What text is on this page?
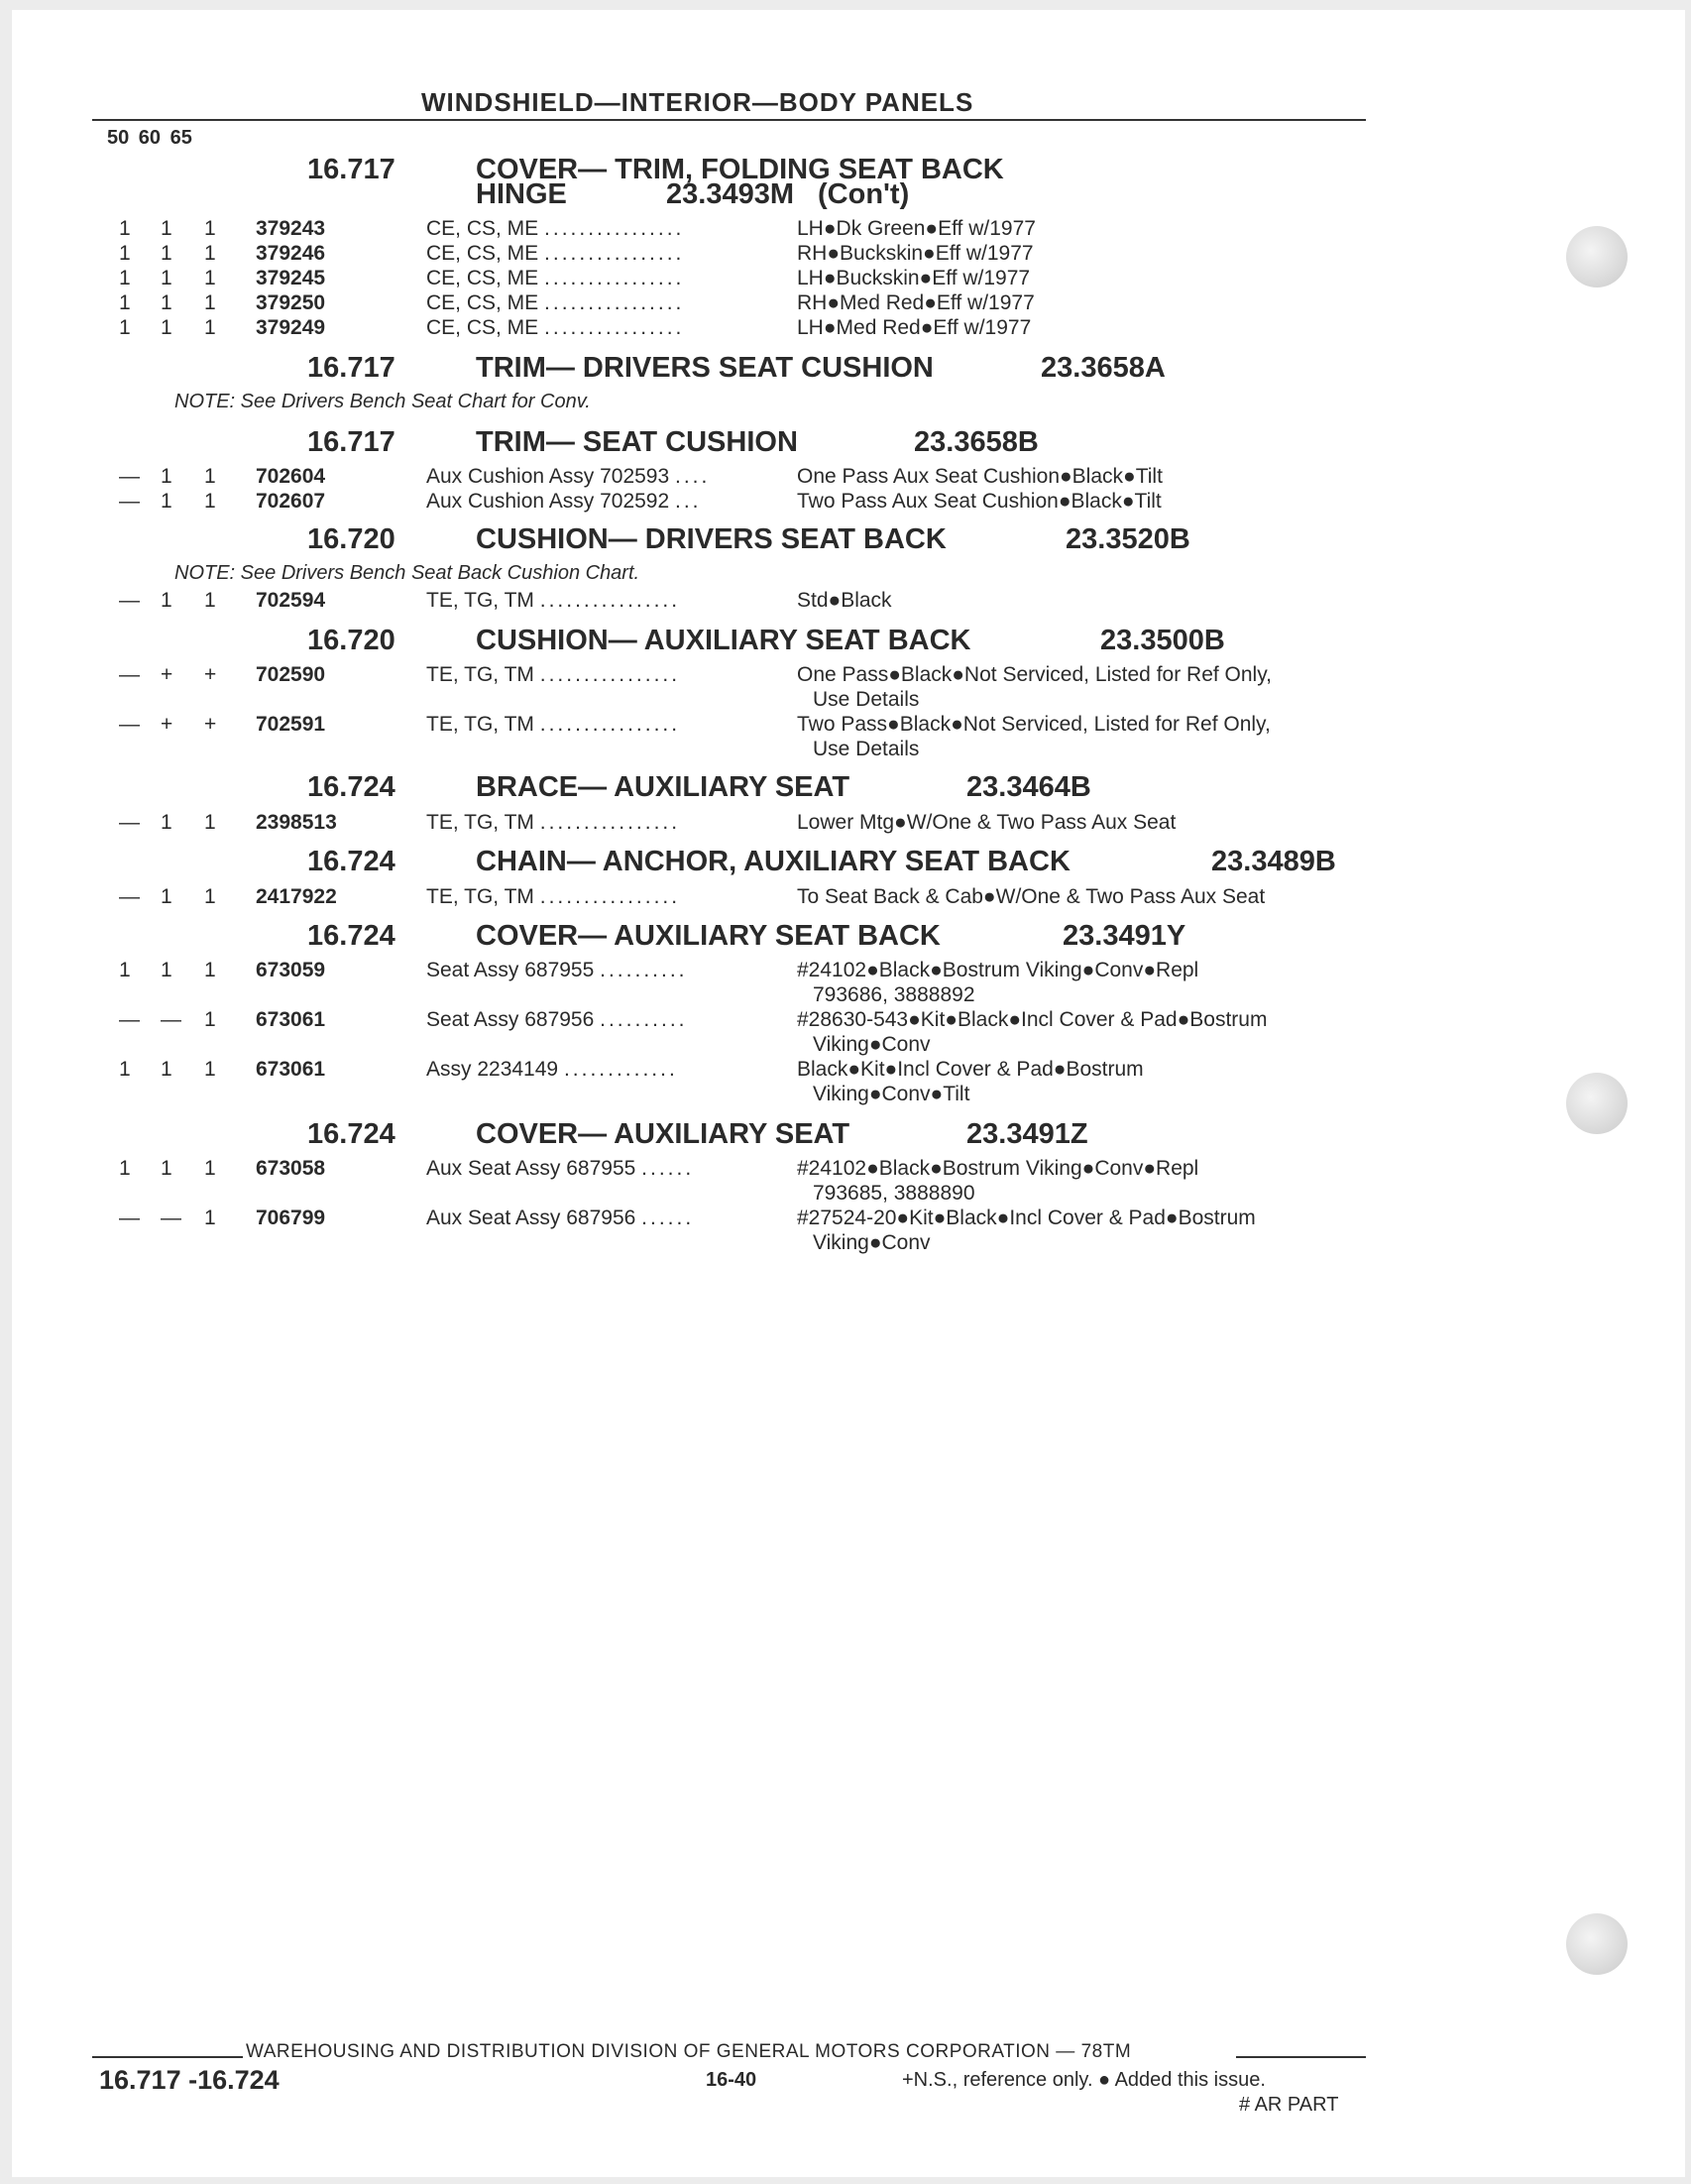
WINDSHIELD—INTERIOR—BODY PANELS
50 60 65
16.717	COVER— TRIM, FOLDING SEAT BACK
HINGE	23.3493M (Con't)
1 1 1 379243	CE, CS, ME ................	LH●Dk Green●Eff w/1977
1 1 1 379246	CE, CS, ME ................	RH●Buckskin●Eff w/1977
1 1 1 379245	CE, CS, ME ................	LH●Buckskin●Eff w/1977
1 1 1 379250	CE, CS, ME ................	RH●Med Red●Eff w/1977
1 1 1 379249	CE, CS, ME ................	LH●Med Red●Eff w/1977
16.717	TRIM— DRIVERS SEAT CUSHION	23.3658A
NOTE: See Drivers Bench Seat Chart for Conv.
16.717	TRIM— SEAT CUSHION	23.3658B
— 1 1 702604	Aux Cushion Assy 702593 ....	One Pass Aux Seat Cushion●Black●Tilt
— 1 1 702607	Aux Cushion Assy 702592 ...	Two Pass Aux Seat Cushion●Black●Tilt
16.720	CUSHION— DRIVERS SEAT BACK	23.3520B
NOTE: See Drivers Bench Seat Back Cushion Chart.
— 1 1 702594	TE, TG, TM ................	Std●Black
16.720	CUSHION— AUXILIARY SEAT BACK	23.3500B
— + + 702590	TE, TG, TM ................	One Pass●Black●Not Serviced, Listed for Ref Only,
Use Details
— + + 702591	TE, TG, TM ................	Two Pass●Black●Not Serviced, Listed for Ref Only,
Use Details
16.724	BRACE— AUXILIARY SEAT	23.3464B
— 1 1 2398513	TE, TG, TM ................	Lower Mtg●W/One & Two Pass Aux Seat
16.724	CHAIN— ANCHOR, AUXILIARY SEAT BACK	23.3489B
— 1 1 2417922	TE, TG, TM ................	To Seat Back & Cab●W/One & Two Pass Aux Seat
16.724	COVER— AUXILIARY SEAT BACK	23.3491Y
1 1 1 673059	Seat Assy 687955 ..........	#24102●Black●Bostrum Viking●Conv●Repl
793686, 3888892
— — 1 673061	Seat Assy 687956 ..........	#28630-543●Kit●Black●Incl Cover & Pad●Bostrum
Viking●Conv
1 1 1 673061	Assy 2234149 .............	Black●Kit●Incl Cover & Pad●Bostrum
Viking●Conv●Tilt
16.724	COVER— AUXILIARY SEAT	23.3491Z
1 1 1 673058	Aux Seat Assy 687955 ......	#24102●Black●Bostrum Viking●Conv●Repl
793685, 3888890
— — 1 706799	Aux Seat Assy 687956 ......	#27524-20●Kit●Black●Incl Cover & Pad●Bostrum
Viking●Conv
WAREHOUSING AND DISTRIBUTION DIVISION OF GENERAL MOTORS CORPORATION — 78TM
16.717 -16.724	16-40	+N.S., reference only. ● Added this issue.
# AR PART
